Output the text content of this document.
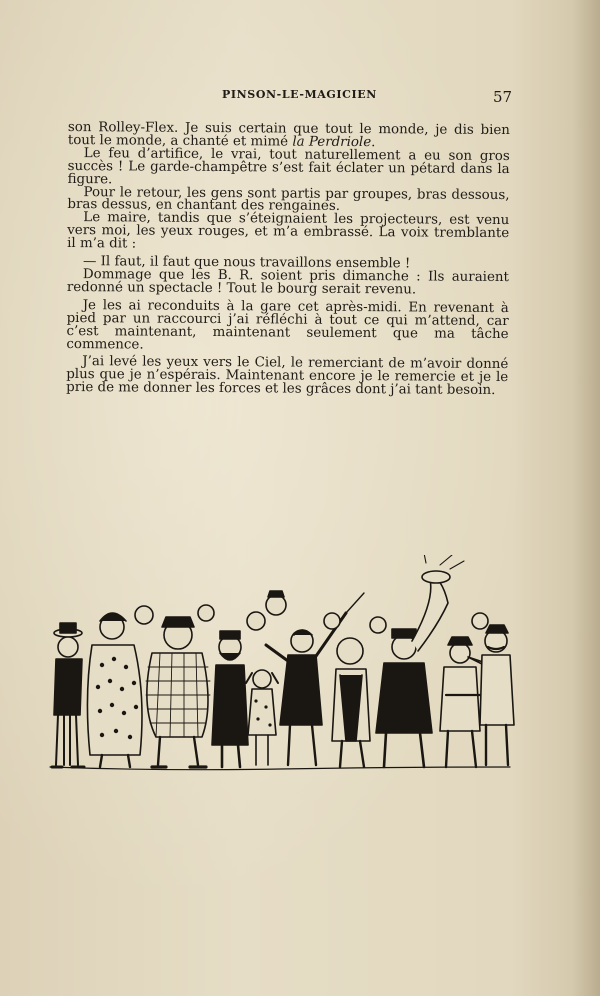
PINSON-LE-MAGICIEN	57

son Rolley-Flex. Je suis certain que tout le monde, je dis bien tout le monde, a chanté et mimé la Perdriole.

Le feu d’artifice, le vrai, tout naturellement a eu son gros succès ! Le garde-champêtre s’est fait éclater un pétard dans la figure.

Pour le retour, les gens sont partis par groupes, bras dessous, bras dessus, en chantant des rengaines.

Le maire, tandis que s’éteignaient les projecteurs, est venu vers moi, les yeux rouges, et m’a embrassé. La voix tremblante il m’a dit :

— Il faut, il faut que nous travaillons ensemble !

Dommage que les B. R. soient pris dimanche : Ils auraient redonné un spectacle ! Tout le bourg serait revenu.

Je les ai reconduits à la gare cet après-midi. En revenant à pied par un raccourci j’ai réfléchi à tout ce qui m’attend, car c’est maintenant, maintenant seulement que ma tâche commence.

J’ai levé les yeux vers le Ciel, le remerciant de m’avoir donné plus que je n’espérais. Maintenant encore je le remercie et je le prie de me donner les forces et les grâces dont j’ai tant besoin.
